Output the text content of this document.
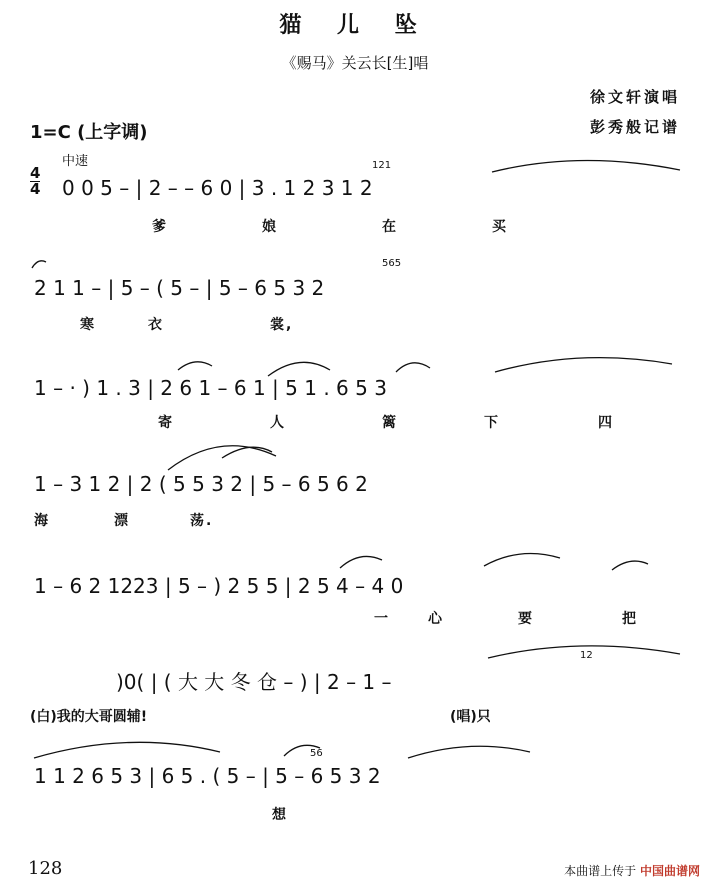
猫 儿 坠
《赐马》关云长[生]唱
徐文轩演唱
彭秀般记谱
1=C (上字调)
中速
4
4 0 0 5 – | 2 – – 6 0 | 3 . 1 2 3 1 2
121
爹	娘	在	买
2 1 1 – | 5 – ( 5 – | 5 – 6 5 3 2
565
寒	衣	裳,
1 – · ) 1 . 3 | 2 6 1 – 6 1 | 5 1 . 6 5 3
寄	人	篱	下	四
1 – 3 1 2 | 2 ( 5 5 3 2 | 5 – 6 5 6 2
海	漂	荡.
1 – 6 2 1223 | 5 – ) 2 5 5 | 2 5 4 – 4 0
一	心	要	把
)0( | ( 大 大 冬 仓 – ) | 2 – 1 –
12
(白)我的大哥圆辅!	(唱)只
1 1 2 6 5 3 | 6 5 . ( 5 – | 5 – 6 5 3 2
56
想
128	本曲谱上传于 中国曲谱网
